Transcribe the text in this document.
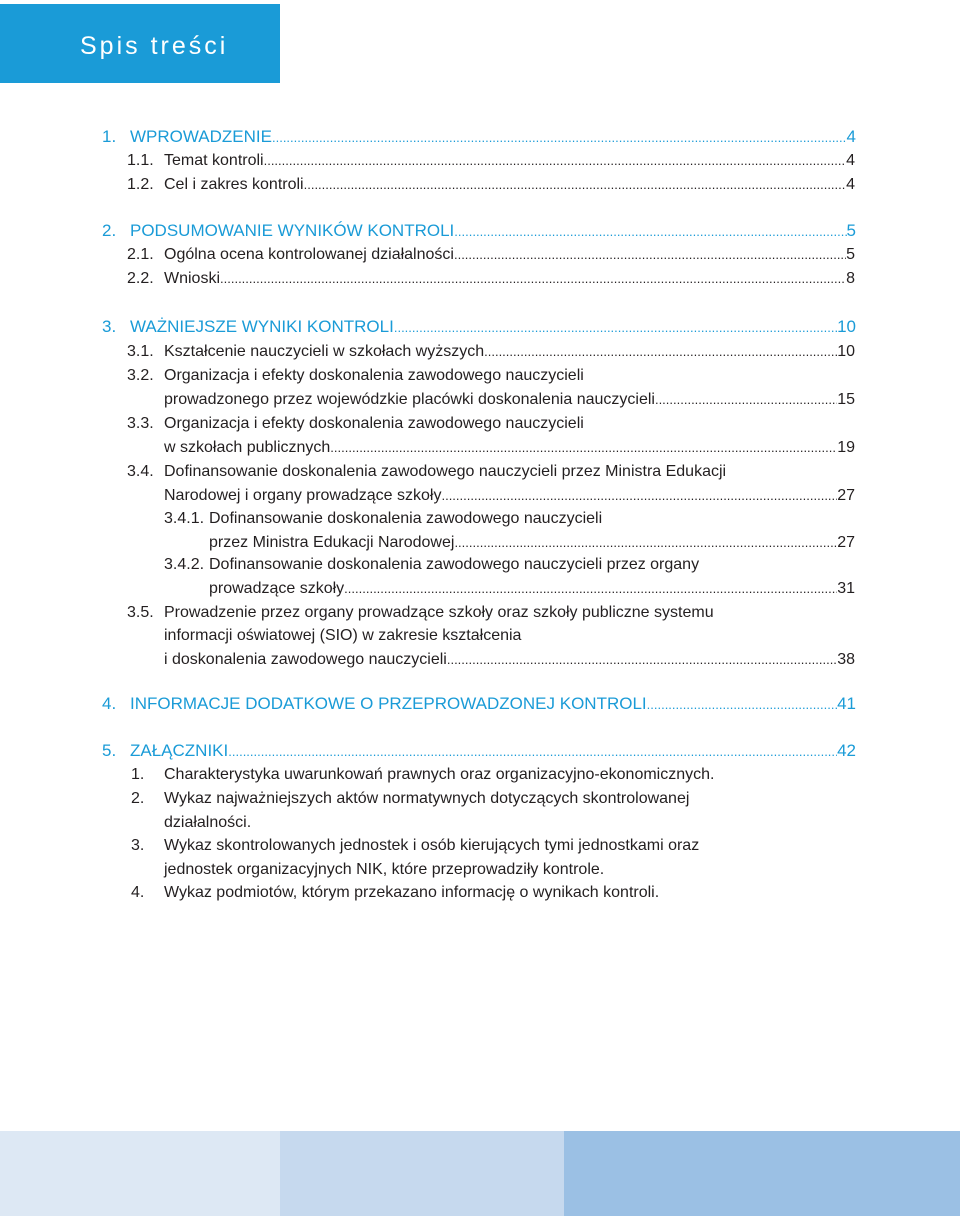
Spis treści
1. WPROWADZENIE .....	4
1.1. Temat kontroli .....	4
1.2. Cel i zakres kontroli .....	4
2. PODSUMOWANIE WYNIKÓW KONTROLI .....	5
2.1. Ogólna ocena kontrolowanej działalności .....	5
2.2. Wnioski .....	8
3. WAŻNIEJSZE WYNIKI KONTROLI .....	10
3.1. Kształcenie nauczycieli w szkołach wyższych .....	10
3.2. Organizacja i efekty doskonalenia zawodowego nauczycieli
prowadzonego przez wojewódzkie placówki doskonalenia nauczycieli .....	15
3.3. Organizacja i efekty doskonalenia zawodowego nauczycieli
w szkołach publicznych .....	19
3.4. Dofinansowanie doskonalenia zawodowego nauczycieli przez Ministra Edukacji
Narodowej i organy prowadzące szkoły .....	27
3.4.1. Dofinansowanie doskonalenia zawodowego nauczycieli
przez Ministra Edukacji Narodowej .....	27
3.4.2. Dofinansowanie doskonalenia zawodowego nauczycieli przez organy
prowadzące szkoły .....	31
3.5. Prowadzenie przez organy prowadzące szkoły oraz szkoły publiczne systemu
informacji oświatowej (SIO) w zakresie kształcenia
i doskonalenia zawodowego nauczycieli .....	38
4. INFORMACJE DODATKOWE O PRZEPROWADZONEJ KONTROLI .....	41
5. ZAŁĄCZNIKI .....	42
1.	Charakterystyka uwarunkowań prawnych oraz organizacyjno-ekonomicznych.
2.	Wykaz najważniejszych aktów normatywnych dotyczących skontrolowanej
działalności.
3.	Wykaz skontrolowanych jednostek i osób kierujących tymi jednostkami oraz
jednostek organizacyjnych NIK, które przeprowadziły kontrole.
4.	Wykaz podmiotów, którym przekazano informację o wynikach kontroli.
